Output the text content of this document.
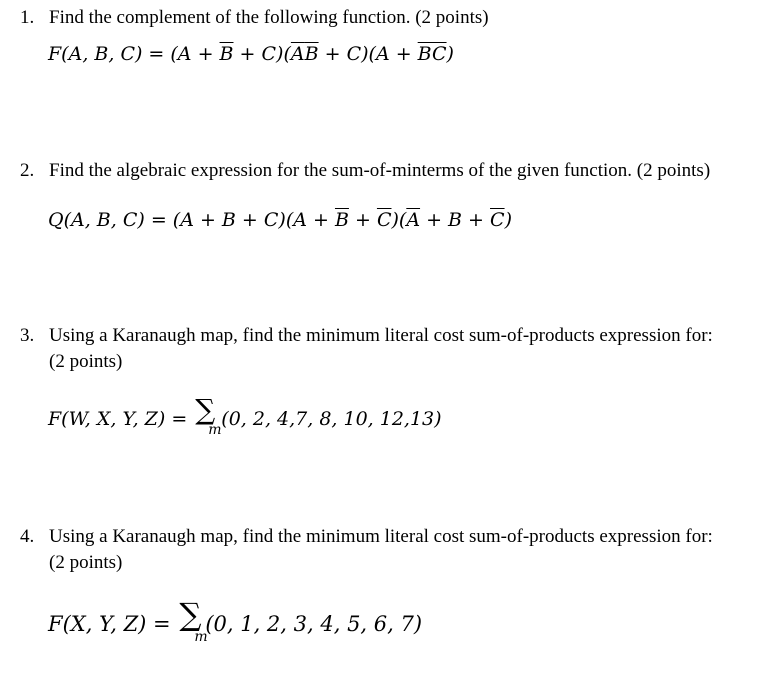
1. Find the complement of the following function. (2 points)
F(A, B, $C) = (A + \overline{B} + C)(\overline{A}\overline{B} + C)(A + \overline{B}\overline{C})$
2. Find the algebraic expression for the sum-of-minterms of the given function. (2 points)
Q(A, B, $C) = (A + B + C)(A + \overline{B} + \overline{C})(\overline{A} + B + \overline{C})$
3. Using a Karanaugh map, find the minimum literal cost sum-of-products expression for:
(2 points)
F(W, X, Y, Z) = ∑
m (0, 2, 4,7, 8, 10, 12,13)
4. Using a Karanaugh map, find the minimum literal cost sum-of-products expression for:
(2 points)
F(X, Y, Z) = ∑
m
(0, 1, 2, 3, 4, 5, 6, 7)
